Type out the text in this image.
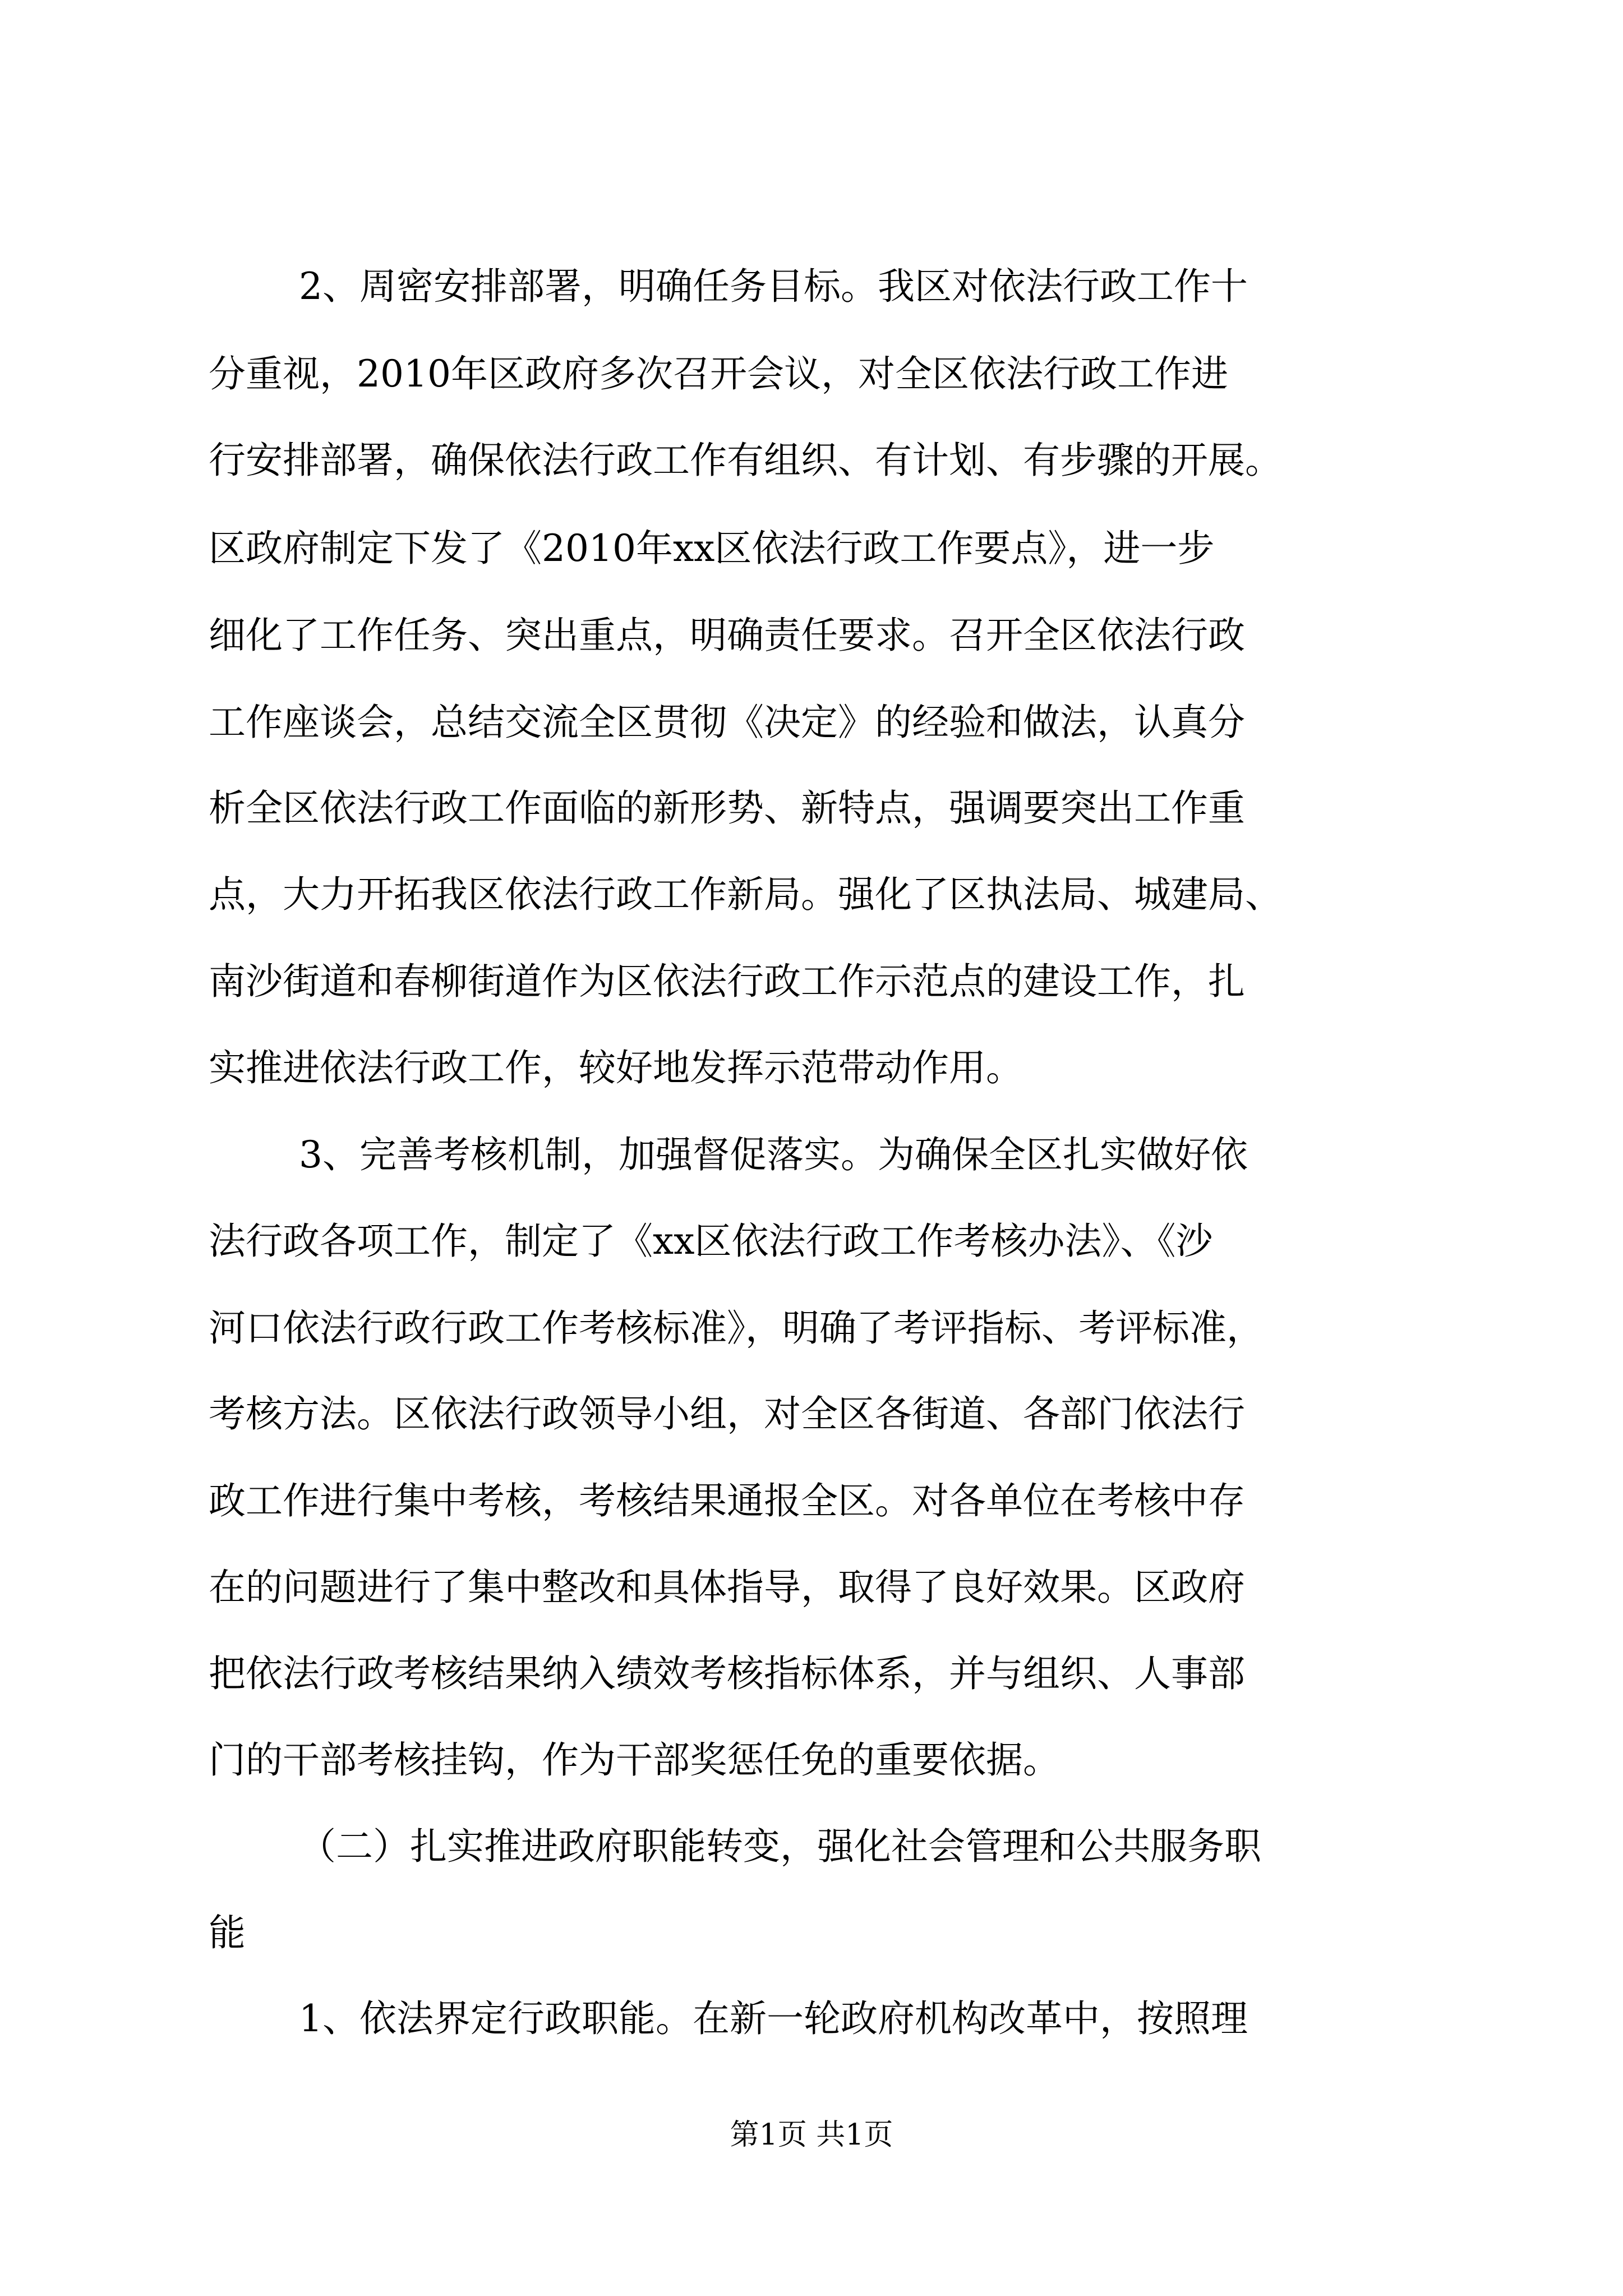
2、周密安排部署，明确任务目标。我区对依法行政工作十
分重视，2010年区政府多次召开会议，对全区依法行政工作进
行安排部署，确保依法行政工作有组织、有计划、有步骤的开展。
区政府制定下发了《2010年xx区依法行政工作要点》，进一步
细化了工作任务、突出重点，明确责任要求。召开全区依法行政
工作座谈会，总结交流全区贯彻《决定》的经验和做法，认真分
析全区依法行政工作面临的新形势、新特点，强调要突出工作重
点，大力开拓我区依法行政工作新局。强化了区执法局、城建局、
南沙街道和春柳街道作为区依法行政工作示范点的建设工作，扎
实推进依法行政工作，较好地发挥示范带动作用。
3、完善考核机制，加强督促落实。为确保全区扎实做好依
法行政各项工作，制定了《xx区依法行政工作考核办法》、《沙
河口依法行政行政工作考核标准》，明确了考评指标、考评标准，
考核方法。区依法行政领导小组，对全区各街道、各部门依法行
政工作进行集中考核，考核结果通报全区。对各单位在考核中存
在的问题进行了集中整改和具体指导，取得了良好效果。区政府
把依法行政考核结果纳入绩效考核指标体系，并与组织、人事部
门的干部考核挂钩，作为干部奖惩任免的重要依据。
（二）扎实推进政府职能转变，强化社会管理和公共服务职
能
1、依法界定行政职能。在新一轮政府机构改革中，按照理
第1页 共1页
